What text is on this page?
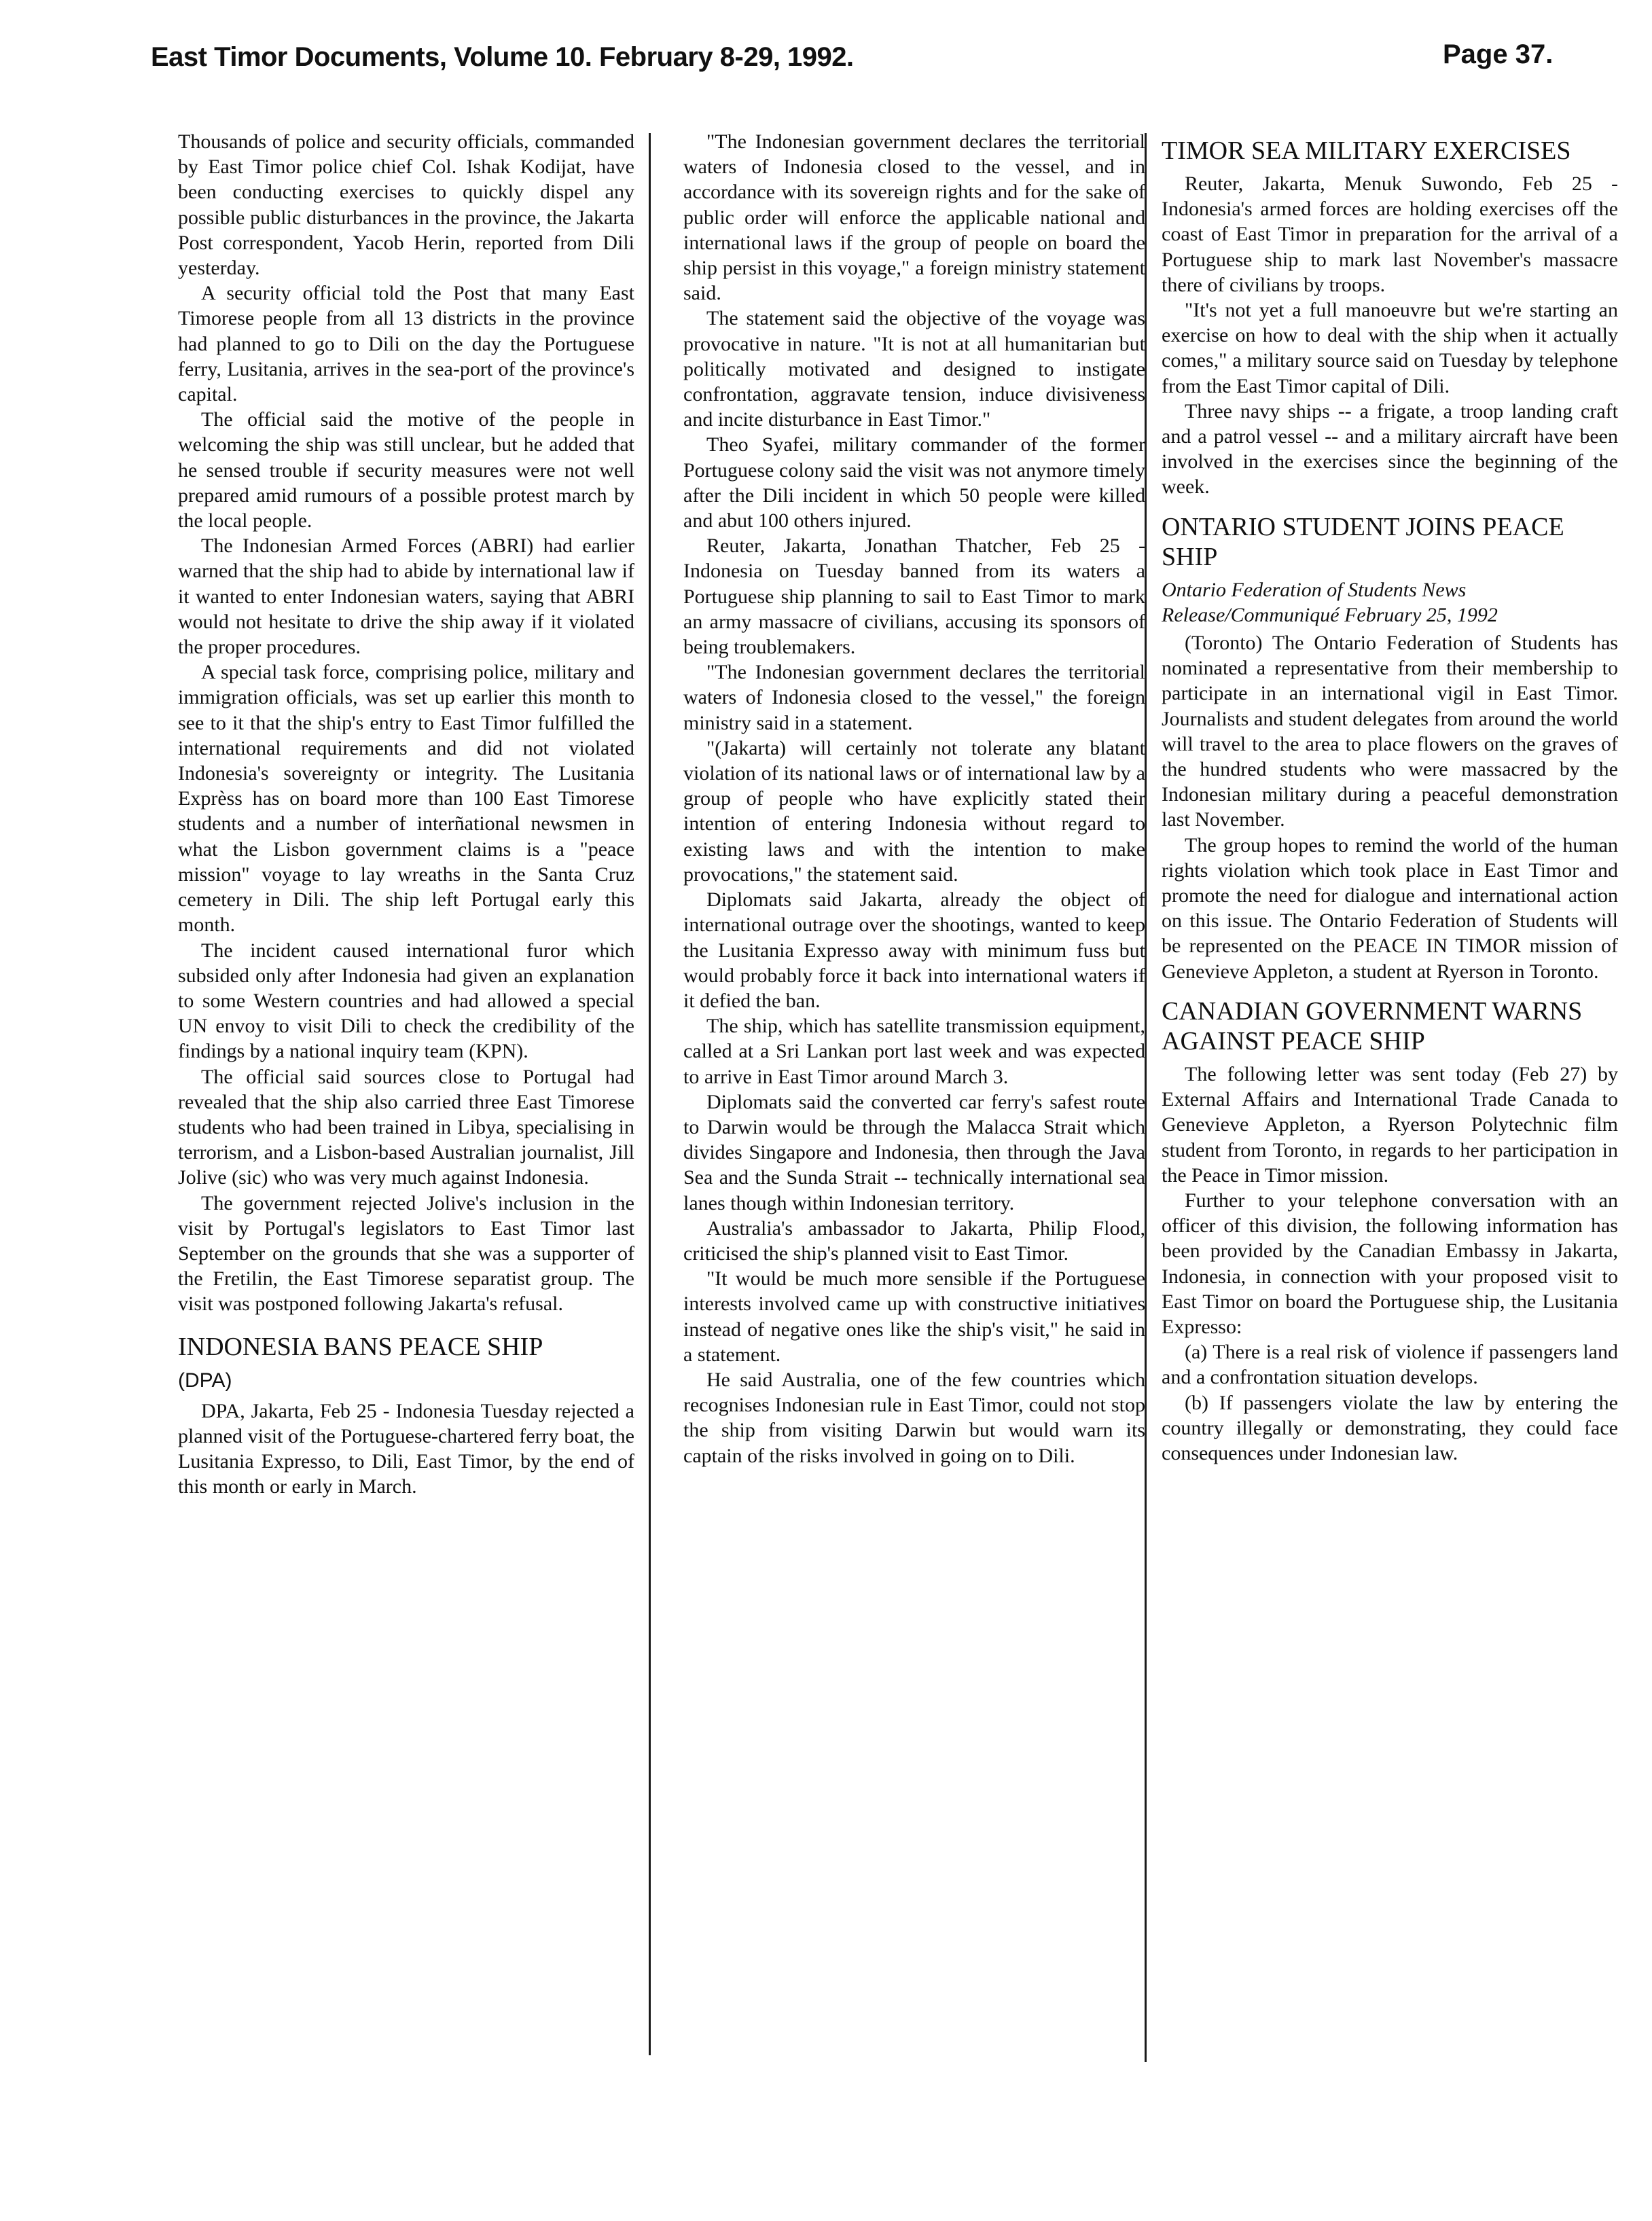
East Timor Documents, Volume 10. February 8-29, 1992.	Page 37.

Thousands of police and security officials, commanded by East Timor police chief Col. Ishak Kodijat, have been conducting exercises to quickly dispel any possible public disturbances in the province, the Jakarta Post correspondent, Yacob Herin, reported from Dili yesterday.

A security official told the Post that many East Timorese people from all 13 districts in the province had planned to go to Dili on the day the Portuguese ferry, Lusitania, arrives in the sea-port of the province's capital.

The official said the motive of the people in welcoming the ship was still unclear, but he added that he sensed trouble if security measures were not well prepared amid rumours of a possible protest march by the local people.

The Indonesian Armed Forces (ABRI) had earlier warned that the ship had to abide by international law if it wanted to enter Indonesian waters, saying that ABRI would not hesitate to drive the ship away if it violated the proper procedures.

A special task force, comprising police, military and immigration officials, was set up earlier this month to see to it that the ship's entry to East Timor fulfilled the international requirements and did not violated Indonesia's sovereignty or integrity. The Lusitania Exprèss has on board more than 100 East Timorese students and a number of interñational newsmen in what the Lisbon government claims is a "peace mission" voyage to lay wreaths in the Santa Cruz cemetery in Dili. The ship left Portugal early this month.

The incident caused international furor which subsided only after Indonesia had given an explanation to some Western countries and had allowed a special UN envoy to visit Dili to check the credibility of the findings by a national inquiry team (KPN).

The official said sources close to Portugal had revealed that the ship also carried three East Timorese students who had been trained in Libya, specialising in terrorism, and a Lisbon-based Australian journalist, Jill Jolive (sic) who was very much against Indonesia.

The government rejected Jolive's inclusion in the visit by Portugal's legislators to East Timor last September on the grounds that she was a supporter of the Fretilin, the East Timorese separatist group. The visit was postponed following Jakarta's refusal.

INDONESIA BANS PEACE SHIP
(DPA)

DPA, Jakarta, Feb 25 - Indonesia Tuesday rejected a planned visit of the Portuguese-chartered ferry boat, the Lusitania Expresso, to Dili, East Timor, by the end of this month or early in March.

"The Indonesian government declares the territorial waters of Indonesia closed to the vessel, and in accordance with its sovereign rights and for the sake of public order will enforce the applicable national and international laws if the group of people on board the ship persist in this voyage," a foreign ministry statement said.

The statement said the objective of the voyage was provocative in nature. "It is not at all humanitarian but politically motivated and designed to instigate confrontation, aggravate tension, induce divisiveness and incite disturbance in East Timor."

Theo Syafei, military commander of the former Portuguese colony said the visit was not anymore timely after the Dili incident in which 50 people were killed and abut 100 others injured.

Reuter, Jakarta, Jonathan Thatcher, Feb 25 - Indonesia on Tuesday banned from its waters a Portuguese ship planning to sail to East Timor to mark an army massacre of civilians, accusing its sponsors of being troublemakers.

"The Indonesian government declares the territorial waters of Indonesia closed to the vessel," the foreign ministry said in a statement.

"(Jakarta) will certainly not tolerate any blatant violation of its national laws or of international law by a group of people who have explicitly stated their intention of entering Indonesia without regard to existing laws and with the intention to make provocations," the statement said.

Diplomats said Jakarta, already the object of international outrage over the shootings, wanted to keep the Lusitania Expresso away with minimum fuss but would probably force it back into international waters if it defied the ban.

The ship, which has satellite transmission equipment, called at a Sri Lankan port last week and was expected to arrive in East Timor around March 3.

Diplomats said the converted car ferry's safest route to Darwin would be through the Malacca Strait which divides Singapore and Indonesia, then through the Java Sea and the Sunda Strait -- technically international sea lanes though within Indonesian territory.

Australia's ambassador to Jakarta, Philip Flood, criticised the ship's planned visit to East Timor.

"It would be much more sensible if the Portuguese interests involved came up with constructive initiatives instead of negative ones like the ship's visit," he said in a statement.

He said Australia, one of the few countries which recognises Indonesian rule in East Timor, could not stop the ship from visiting Darwin but would warn its captain of the risks involved in going on to Dili.

TIMOR SEA MILITARY EXERCISES

Reuter, Jakarta, Menuk Suwondo, Feb 25 - Indonesia's armed forces are holding exercises off the coast of East Timor in preparation for the arrival of a Portuguese ship to mark last November's massacre there of civilians by troops.

"It's not yet a full manoeuvre but we're starting an exercise on how to deal with the ship when it actually comes," a military source said on Tuesday by telephone from the East Timor capital of Dili.

Three navy ships -- a frigate, a troop landing craft and a patrol vessel -- and a military aircraft have been involved in the exercises since the beginning of the week.

ONTARIO STUDENT JOINS PEACE SHIP
Ontario Federation of Students News Release/Communiqué February 25, 1992

(Toronto) The Ontario Federation of Students has nominated a representative from their membership to participate in an international vigil in East Timor. Journalists and student delegates from around the world will travel to the area to place flowers on the graves of the hundred students who were massacred by the Indonesian military during a peaceful demonstration last November.

The group hopes to remind the world of the human rights violation which took place in East Timor and promote the need for dialogue and international action on this issue. The Ontario Federation of Students will be represented on the PEACE IN TIMOR mission of Genevieve Appleton, a student at Ryerson in Toronto.

CANADIAN GOVERNMENT WARNS AGAINST PEACE SHIP

The following letter was sent today (Feb 27) by External Affairs and International Trade Canada to Genevieve Appleton, a Ryerson Polytechnic film student from Toronto, in regards to her participation in the Peace in Timor mission.

Further to your telephone conversation with an officer of this division, the following information has been provided by the Canadian Embassy in Jakarta, Indonesia, in connection with your proposed visit to East Timor on board the Portuguese ship, the Lusitania Expresso:

(a) There is a real risk of violence if passengers land and a confrontation situation develops.

(b) If passengers violate the law by entering the country illegally or demonstrating, they could face consequences under Indonesian law.
